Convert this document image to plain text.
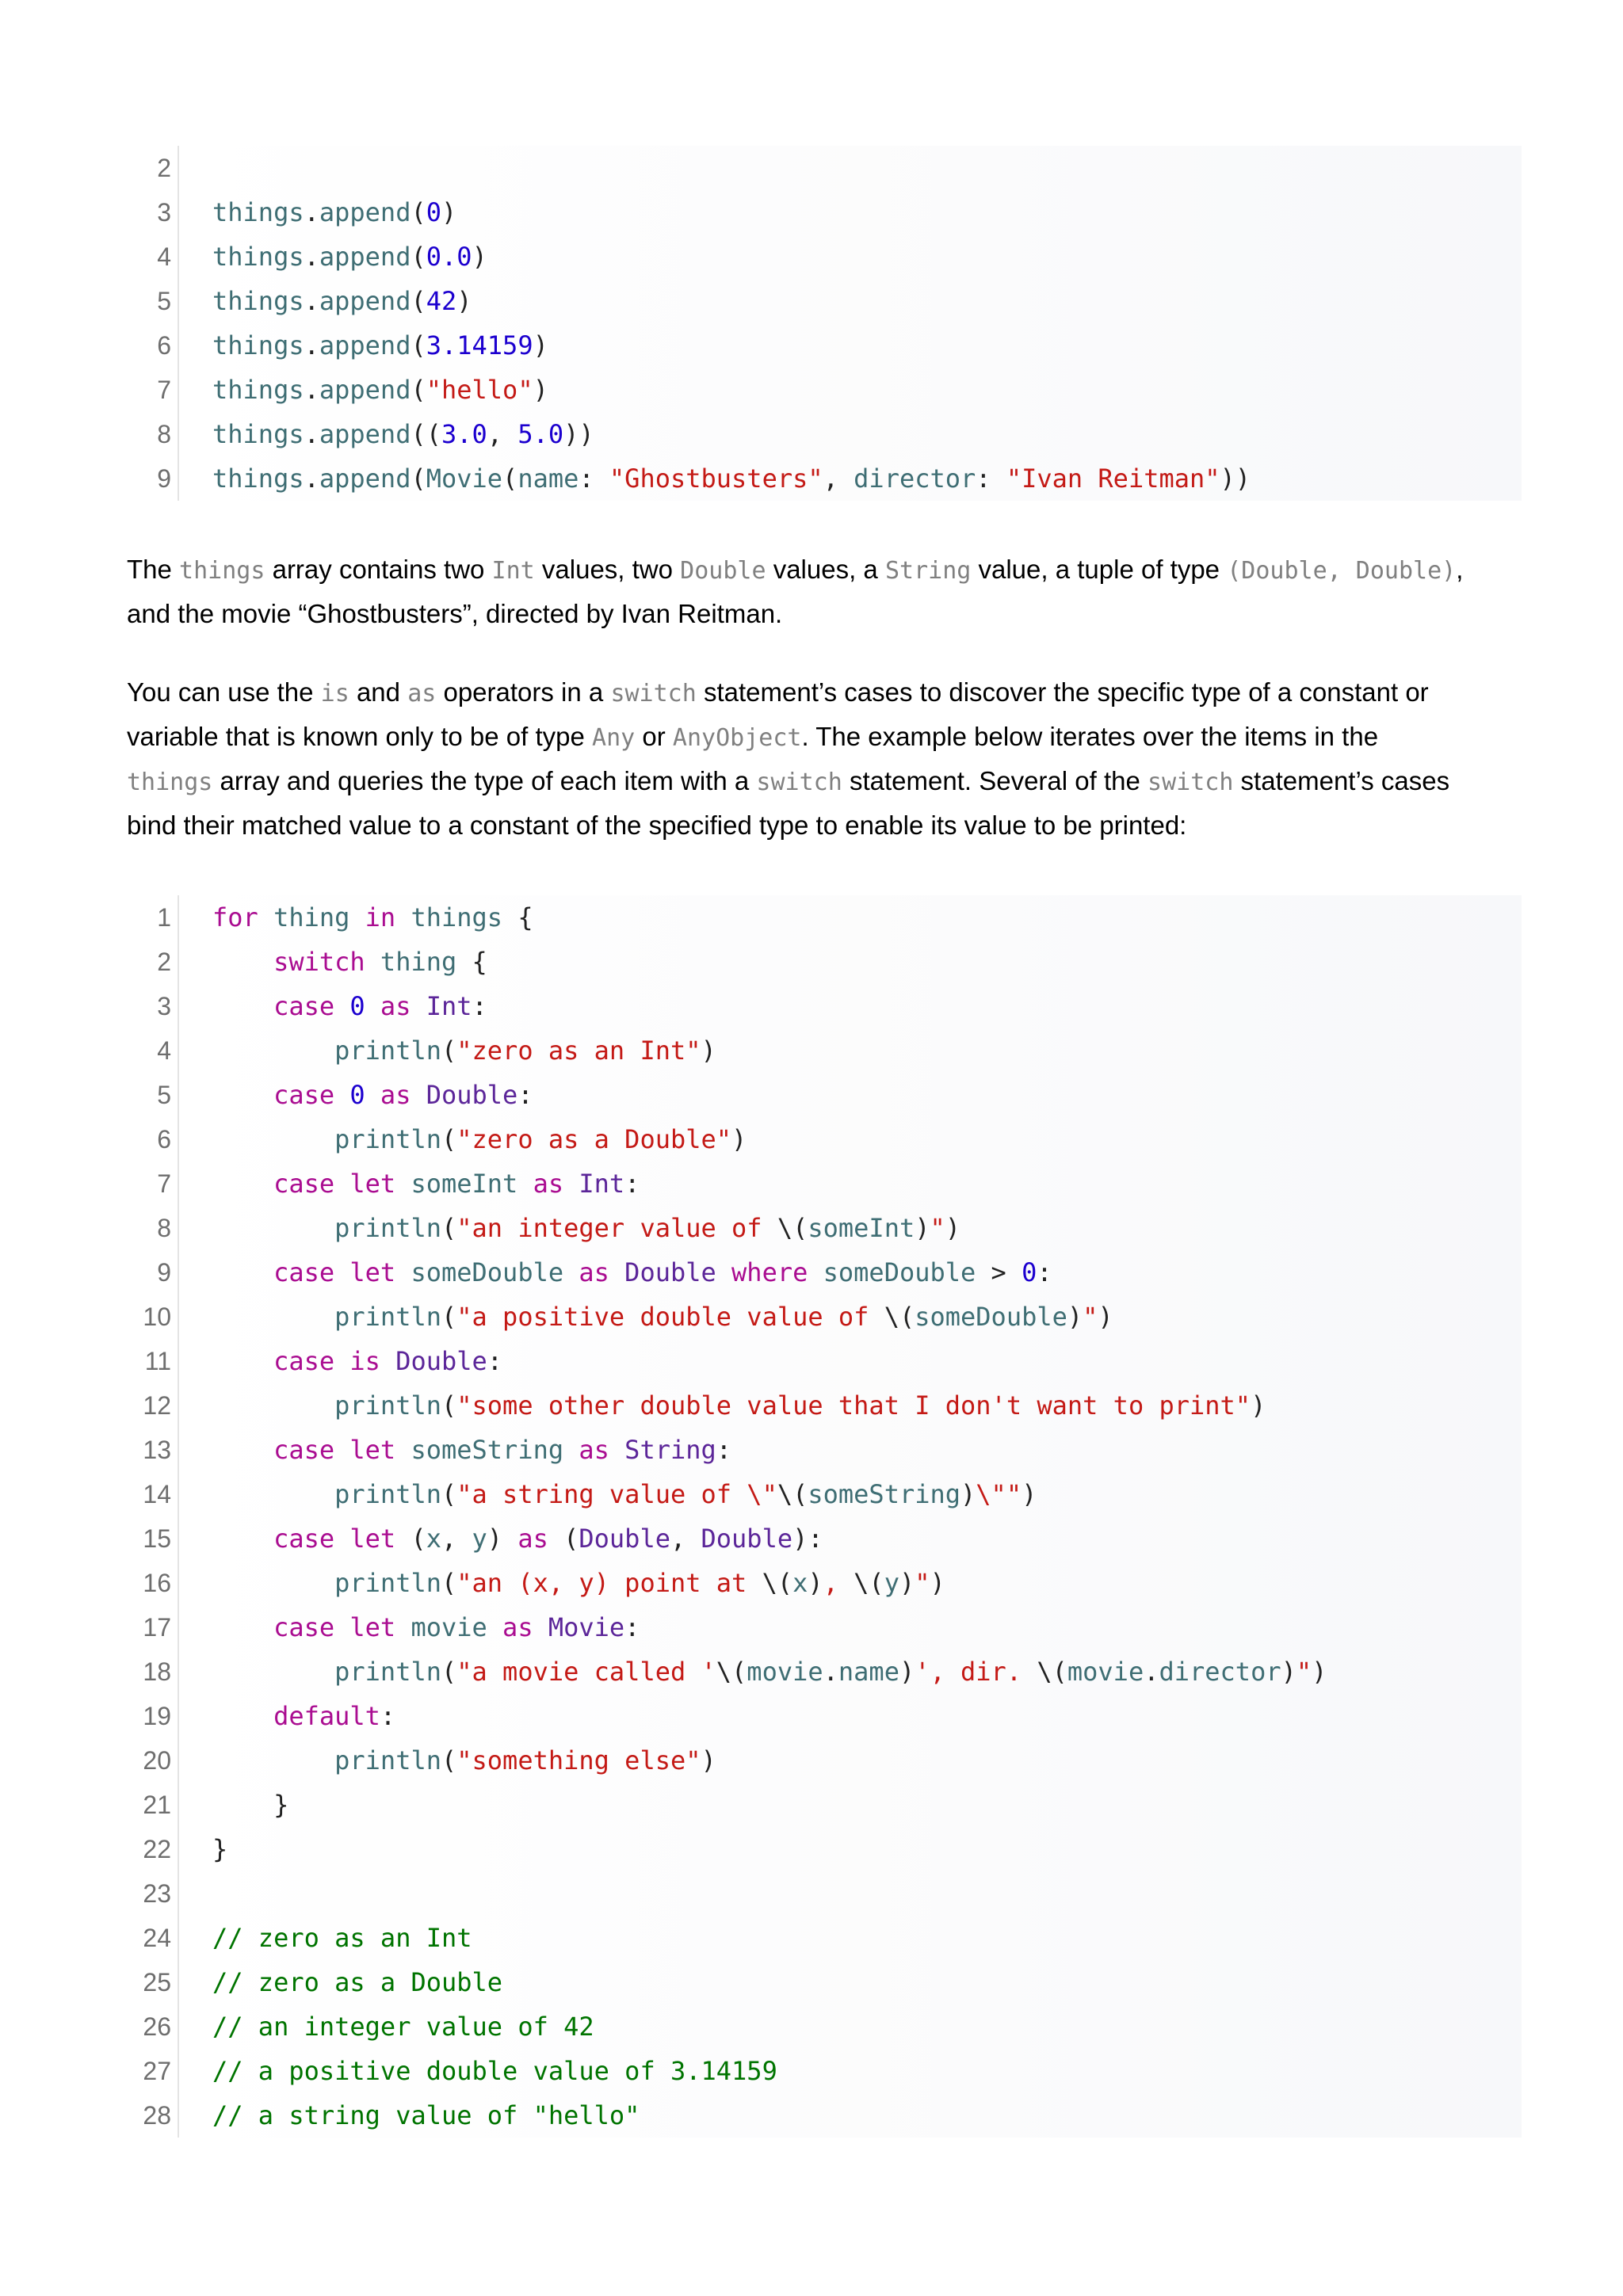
2
3 things.append(0)
4 things.append(0.0)
5 things.append(42)
6 things.append(3.14159)
7 things.append("hello")
8 things.append((3.0, 5.0))
9 things.append(Movie(name: "Ghostbusters", director: "Ivan Reitman"))
The things array contains two Int values, two Double values, a String value, a tuple of type (Double, Double),
and the movie “Ghostbusters”, directed by Ivan Reitman.
You can use the is and as operators in a switch statement’s cases to discover the specific type of a constant or
variable that is known only to be of type Any or AnyObject. The example below iterates over the items in the
things array and queries the type of each item with a switch statement. Several of the switch statement’s cases
bind their matched value to a constant of the specified type to enable its value to be printed:
1 for thing in things {
2	switch thing {
3	case 0 as Int:
4	println("zero as an Int")
5	case 0 as Double:
6	println("zero as a Double")
7	case let someInt as Int:
8	println("an integer value of \(someInt)")
9	case let someDouble as Double where someDouble > 0:
10	println("a positive double value of \(someDouble)")
11	case is Double:
12	println("some other double value that I don't want to print")
13	case let someString as String:
14	println("a string value of \"\(someString)\"")
15	case let (x, y) as (Double, Double):
16	println("an (x, y) point at \(x), \(y)")
17	case let movie as Movie:
18	println("a movie called '\(movie.name)', dir. \(movie.director)")
19	default:
20	println("something else")
21 }
22 }
23
24 // zero as an Int
25 // zero as a Double
26 // an integer value of 42
27 // a positive double value of 3.14159
28 // a string value of "hello"
